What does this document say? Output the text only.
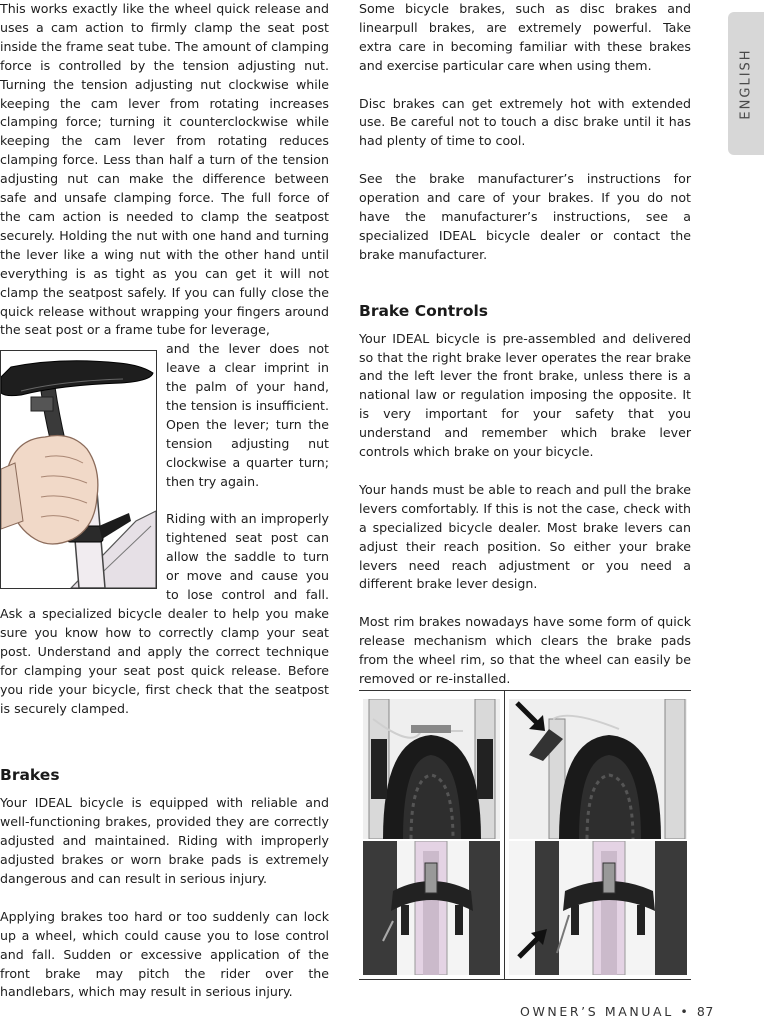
ENGLISH

This works exactly like the wheel quick release and uses a cam action to firmly clamp the seat post inside the frame seat tube. The amount of clamping force is controlled by the tension adjusting nut. Turning the tension adjusting nut clockwise while keeping the cam lever from rotating increases clamping force; turning it counterclockwise while keeping the cam lever from rotating reduces clamping force. Less than half a turn of the tension adjusting nut can make the difference between safe and unsafe clamping force. The full force of the cam action is needed to clamp the seatpost securely. Holding the nut with one hand and turning the lever like a wing nut with the other hand until everything is as tight as you can get it will not clamp the seatpost safely. If you can fully close the quick release without wrapping your fingers around the seat post or a frame tube for leverage,

and the lever does not leave a clear imprint in the palm of your hand, the tension is insufficient. Open the lever; turn the tension adjusting nut clockwise a quarter turn; then try again.

Riding with an improperly tightened seat post can allow the saddle to turn or move and cause you to lose control and fall. Ask a specialized bicycle dealer to help you make sure you know how to correctly clamp your seat post. Understand and apply the correct technique for clamping your seat post quick release. Before you ride your bicycle, first check that the seatpost is securely clamped.

Brakes

Your IDEAL bicycle is equipped with reliable and well-functioning brakes, provided they are correctly adjusted and maintained. Riding with improperly adjusted brakes or worn brake pads is extremely dangerous and can result in serious injury.

Applying brakes too hard or too suddenly can lock up a wheel, which could cause you to lose control and fall. Sudden or excessive application of the front brake may pitch the rider over the handlebars, which may result in serious injury.

Some bicycle brakes, such as disc brakes and linearpull brakes, are extremely powerful. Take extra care in becoming familiar with these brakes and exercise particular care when using them.

Disc brakes can get extremely hot with extended use. Be careful not to touch a disc brake until it has had plenty of time to cool.

See the brake manufacturer’s instructions for operation and care of your brakes. If you do not have the manufacturer’s instructions, see a specialized IDEAL bicycle dealer or contact the brake manufacturer.

Brake Controls

Your IDEAL bicycle is pre-assembled and delivered so that the right brake lever operates the rear brake and the left lever the front brake, unless there is a national law or regulation imposing the opposite. It is very important for your safety that you understand and remember which brake lever controls which brake on your bicycle.

Your hands must be able to reach and pull the brake levers comfortably. If this is not the case, check with a specialized bicycle dealer. Most brake levers can adjust their reach position. So either your brake levers need reach adjustment or you need a different brake lever design.

Most rim brakes nowadays have some form of quick release mechanism which clears the brake pads from the wheel rim, so that the wheel can easily be removed or re-installed.

OWNER’S MANUAL • 87
